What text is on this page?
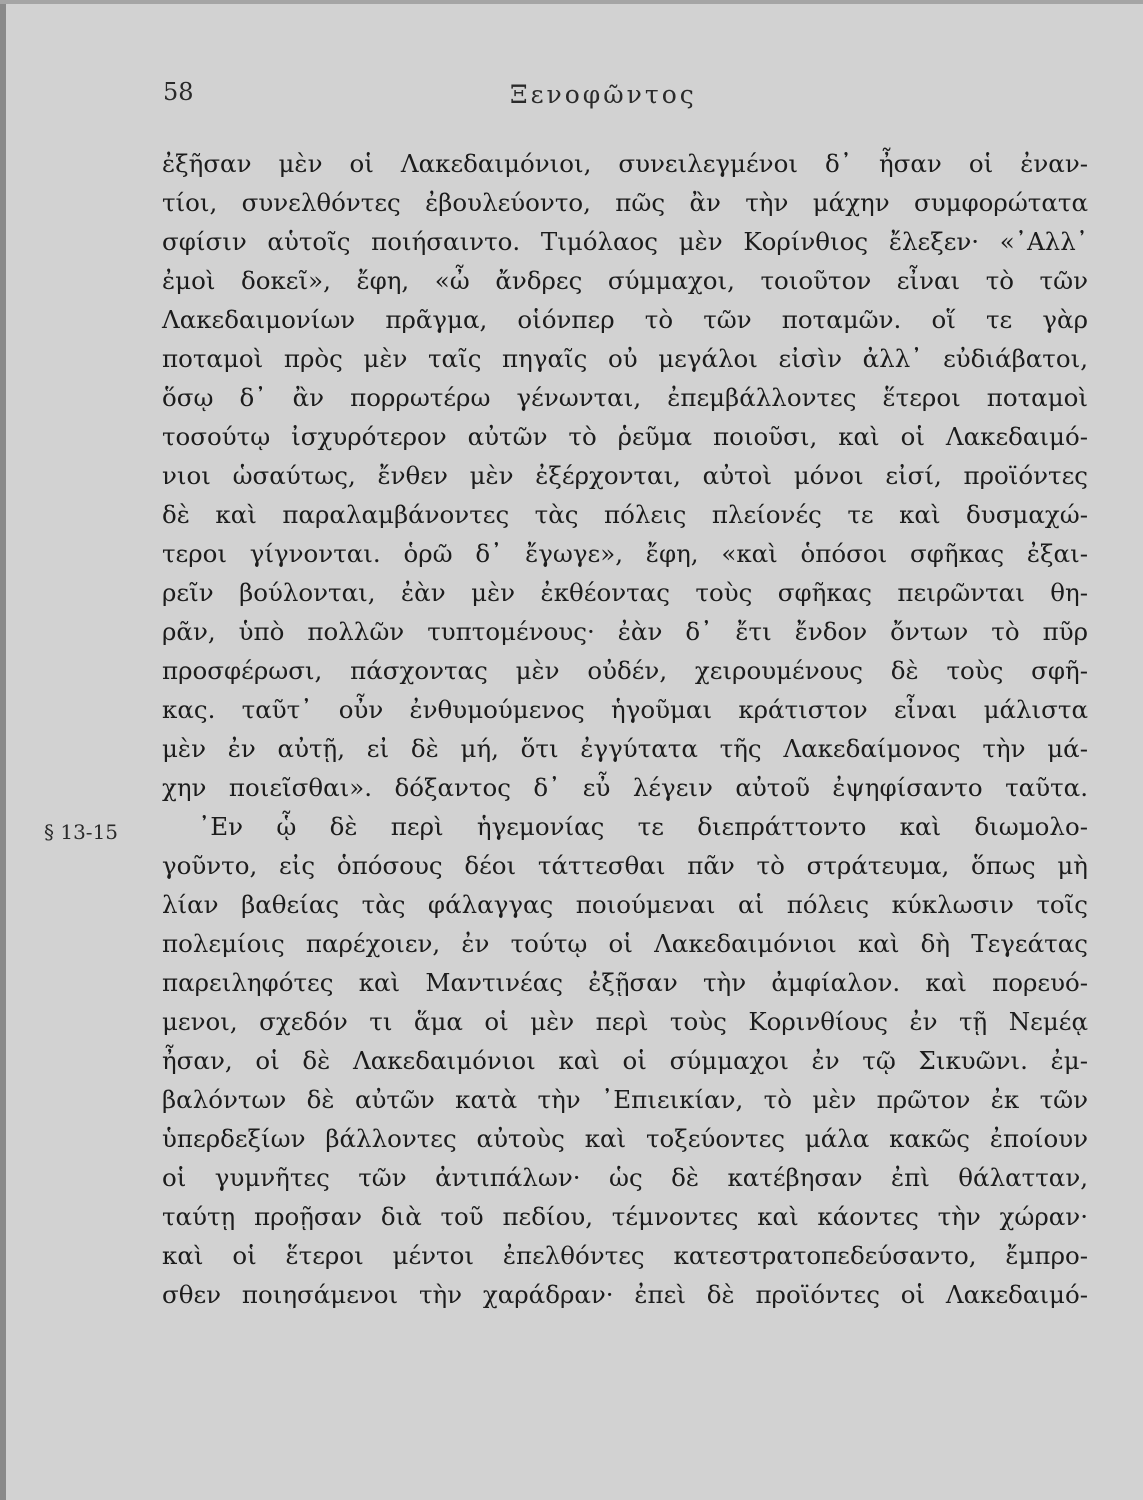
58	Ξενοφῶντος
§ 13-15
ἐξῆσαν μὲν οἱ Λακεδαιμόνιοι, συνειλεγμένοι δ᾽ ἦσαν οἱ ἐναν-
τίοι, συνελθόντες ἐβουλεύοντο, πῶς ἂν τὴν μάχην συμφορώτατα
σφίσιν αὑτοῖς ποιήσαιντο. Τιμόλαος μὲν Κορίνθιος ἔλεξεν· «᾽Αλλ᾽
ἐμοὶ δοκεῖ», ἔφη, «ὦ ἄνδρες σύμμαχοι, τοιοῦτον εἶναι τὸ τῶν
Λακεδαιμονίων πρᾶγμα, οἱόνπερ τὸ τῶν ποταμῶν. οἵ τε γὰρ
ποταμοὶ πρὸς μὲν ταῖς πηγαῖς οὐ μεγάλοι εἰσὶν ἀλλ᾽ εὐδιάβατοι,
ὅσῳ δ᾽ ἂν πορρωτέρω γένωνται, ἐπεμβάλλοντες ἕτεροι ποταμοὶ
τοσούτῳ ἰσχυρότερον αὐτῶν τὸ ῥεῦμα ποιοῦσι, καὶ οἱ Λακεδαιμό-
νιοι ὡσαύτως, ἔνθεν μὲν ἐξέρχονται, αὐτοὶ μόνοι εἰσί, προϊόντες
δὲ καὶ παραλαμβάνοντες τὰς πόλεις πλείονές τε καὶ δυσμαχώ-
τεροι γίγνονται. ὁρῶ δ᾽ ἔγωγε», ἔφη, «καὶ ὁπόσοι σφῆκας ἐξαι-
ρεῖν βούλονται, ἐὰν μὲν ἐκθέοντας τοὺς σφῆκας πειρῶνται θη-
ρᾶν, ὑπὸ πολλῶν τυπτομένους· ἐὰν δ᾽ ἔτι ἔνδον ὄντων τὸ πῦρ
προσφέρωσι, πάσχοντας μὲν οὐδέν, χειρουμένους δὲ τοὺς σφῆ-
κας. ταῦτ᾽ οὖν ἐνθυμούμενος ἡγοῦμαι κράτιστον εἶναι μάλιστα
μὲν ἐν αὐτῇ, εἰ δὲ μή, ὅτι ἐγγύτατα τῆς Λακεδαίμονος τὴν μά-
χην ποιεῖσθαι». δόξαντος δ᾽ εὖ λέγειν αὐτοῦ ἐψηφίσαντο ταῦτα.
᾽Εν ᾧ δὲ περὶ ἡγεμονίας τε διεπράττοντο καὶ διωμολο-
γοῦντο, εἰς ὁπόσους δέοι τάττεσθαι πᾶν τὸ στράτευμα, ὅπως μὴ
λίαν βαθείας τὰς φάλαγγας ποιούμεναι αἱ πόλεις κύκλωσιν τοῖς
πολεμίοις παρέχοιεν, ἐν τούτῳ οἱ Λακεδαιμόνιοι καὶ δὴ Τεγεάτας
παρειληφότες καὶ Μαντινέας ἐξῇσαν τὴν ἀμφίαλον. καὶ πορευό-
μενοι, σχεδόν τι ἅμα οἱ μὲν περὶ τοὺς Κορινθίους ἐν τῇ Νεμέᾳ
ἦσαν, οἱ δὲ Λακεδαιμόνιοι καὶ οἱ σύμμαχοι ἐν τῷ Σικυῶνι. ἐμ-
βαλόντων δὲ αὐτῶν κατὰ τὴν ᾽Επιεικίαν, τὸ μὲν πρῶτον ἐκ τῶν
ὑπερδεξίων βάλλοντες αὐτοὺς καὶ τοξεύοντες μάλα κακῶς ἐποίουν
οἱ γυμνῆτες τῶν ἀντιπάλων· ὡς δὲ κατέβησαν ἐπὶ θάλατταν,
ταύτῃ προῇσαν διὰ τοῦ πεδίου, τέμνοντες καὶ κάοντες τὴν χώραν·
καὶ οἱ ἕτεροι μέντοι ἐπελθόντες κατεστρατοπεδεύσαντο, ἔμπρο-
σθεν ποιησάμενοι τὴν χαράδραν· ἐπεὶ δὲ προϊόντες οἱ Λακεδαιμό-
